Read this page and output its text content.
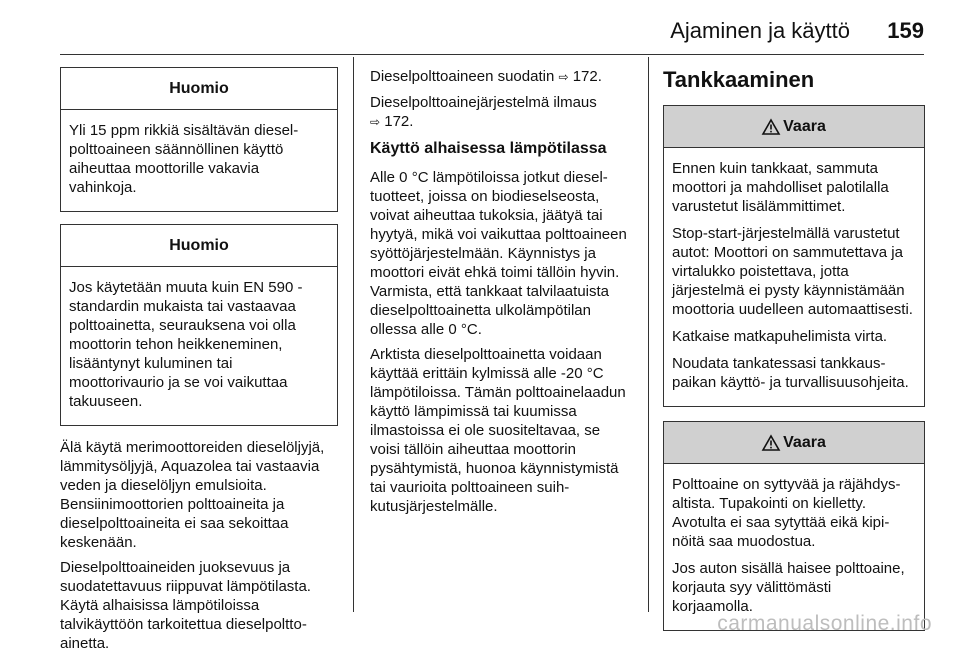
Ajaminen ja käyttö 159
Huomio

Yli 15 ppm rikkiä sisältävän dieselpolttoaineen säännöllinen käyttö aiheuttaa moottorille vakavia vahinkoja.

Huomio

Jos käytetään muuta kuin EN 590 -standardin mukaista tai vastaavaa polttoainetta, seurauksena voi olla moottorin tehon heikkeneminen, lisääntynyt kuluminen tai moottorivaurio ja se voi vaikuttaa takuuseen.

Älä käytä merimoottoreiden dieselöljyjä, lämmitysöljyjä, Aquazolea tai vastaavia veden ja dieselöljyn emulsioita. Bensiinimoottorien polttoaineita ja dieselpolttoaineita ei saa sekoittaa keskenään.

Dieselpolttoaineiden juoksevuus ja suodatettavuus riippuvat lämpötilasta. Käytä alhaisissa lämpötiloissa talvikäyttöön tarkoitettua dieselpolttoainetta.

Dieselpolttoaineen suodatin ⇨ 172.

Dieselpolttoainejärjestelmä ilmaus
⇨ 172.

Käyttö alhaisessa lämpötilassa

Alle 0 °C lämpötiloissa jotkut dieseltuotteet, joissa on biodieselseosta, voivat aiheuttaa tukoksia, jäätyä tai hyytyä, mikä voi vaikuttaa polttoaineen syöttöjärjestelmään. Käynnistys ja moottori eivät ehkä toimi tällöin hyvin. Varmista, että tankkaat talvilaatuista dieselpolttoainetta ulkolämpötilan ollessa alle 0 °C.

Arktista dieselpolttoainetta voidaan käyttää erittäin kylmissä alle -20 °C lämpötiloissa. Tämän polttoainelaadun käyttö lämpimissä tai kuumissa ilmastoissa ei ole suositeltavaa, se voisi tällöin aiheuttaa moottorin pysähtymistä, huonoa käynnistymistä tai vaurioita polttoaineen suihkutusjärjestelmälle.

Tankkaaminen
Vaara

Ennen kuin tankkaat, sammuta moottori ja mahdolliset palotilalla varustetut lisälämmittimet.

Stop-start-järjestelmällä varustetut autot: Moottori on sammutettava ja virtalukko poistettava, jotta järjestelmä ei pysty käynnistämään moottoria uudelleen automaattisesti.

Katkaise matkapuhelimista virta.

Noudata tankatessasi tankkauspaikan käyttö- ja turvallisuusohjeita.

Vaara

Polttoaine on syttyvää ja räjähdysaltista. Tupakointi on kielletty. Avotulta ei saa sytyttää eikä kipinöitä saa muodostua.

Jos auton sisällä haisee polttoaine, korjauta syy välittömästi korjaamolla.

carmanualsonline.info
